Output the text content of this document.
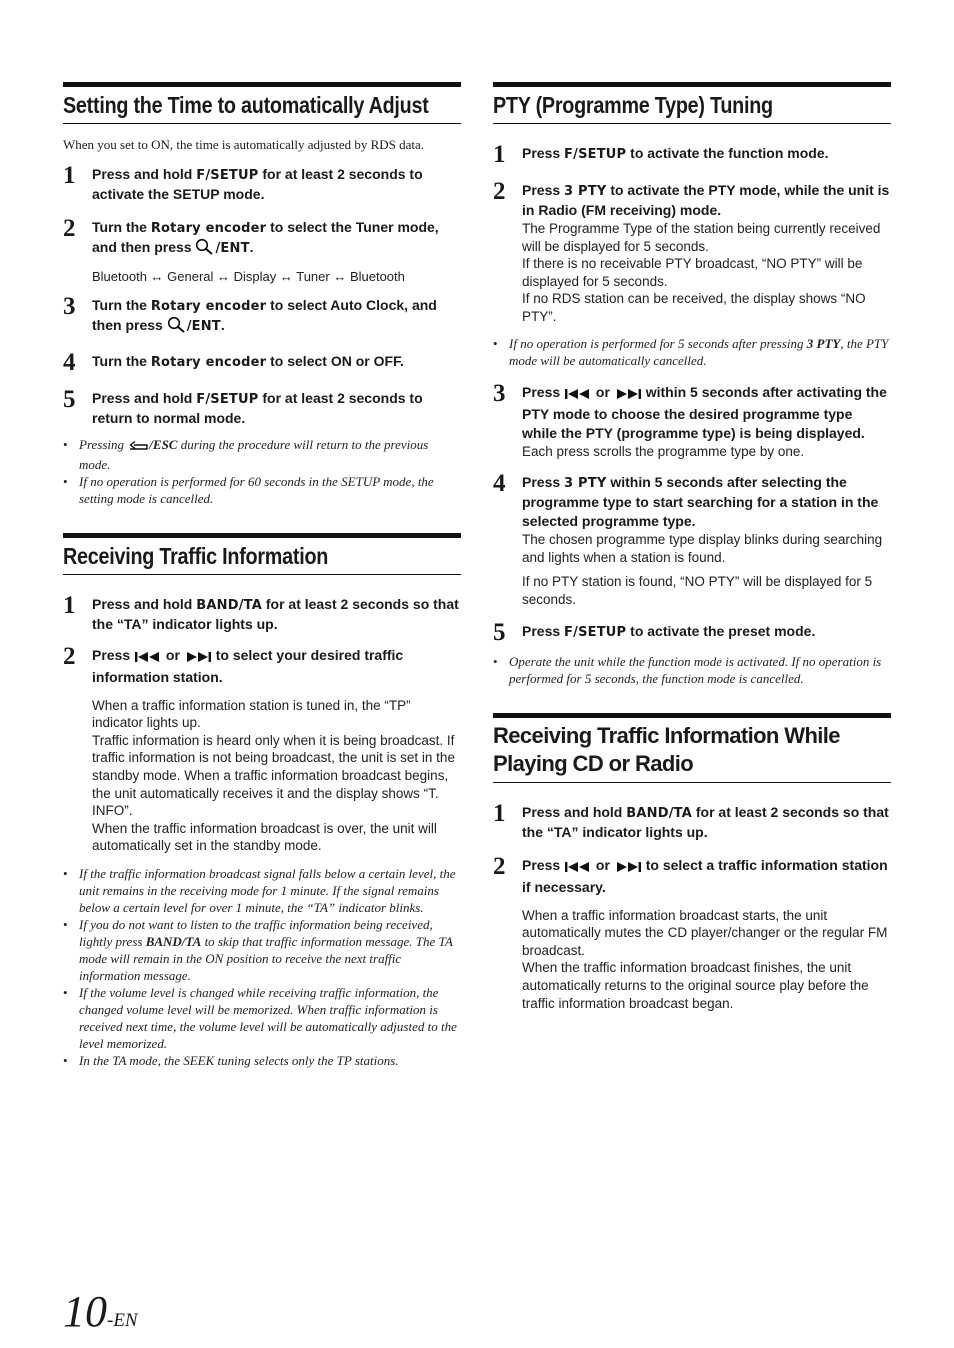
Setting the Time to automatically Adjust

When you set to ON, the time is automatically adjusted by RDS data.

1	Press and hold F/SETUP for at least 2 seconds to activate the SETUP mode.
2	Turn the Rotary encoder to select the Tuner mode, and then press /ENT.

Bluetooth ↔ General ↔ Display ↔ Tuner ↔ Bluetooth

3	Turn the Rotary encoder to select Auto Clock, and then press /ENT.
4	Turn the Rotary encoder to select ON or OFF.
5	Press and hold F/SETUP for at least 2 seconds to return to normal mode.
• Pressing /ESC during the procedure will return to the previous mode.
• If no operation is performed for 60 seconds in the SETUP mode, the setting mode is cancelled.
Receiving Traffic Information
1	Press and hold BAND/TA for at least 2 seconds so that the “TA” indicator lights up.
2	Press  or  to select your desired traffic information station.

When a traffic information station is tuned in, the “TP” indicator lights up.

Traffic information is heard only when it is being broadcast. If traffic information is not being broadcast, the unit is set in the standby mode. When a traffic information broadcast begins, the unit automatically receives it and the display shows “T. INFO”.

When the traffic information broadcast is over, the unit will automatically set in the standby mode.

• If the traffic information broadcast signal falls below a certain level, the unit remains in the receiving mode for 1 minute. If the signal remains below a certain level for over 1 minute, the “TA” indicator blinks.
• If you do not want to listen to the traffic information being received, lightly press BAND/TA to skip that traffic information message. The TA mode will remain in the ON position to receive the next traffic information message.
• If the volume level is changed while receiving traffic information, the changed volume level will be memorized. When traffic information is received next time, the volume level will be automatically adjusted to the level memorized.
• In the TA mode, the SEEK tuning selects only the TP stations.
PTY (Programme Type) Tuning
1	Press F/SETUP to activate the function mode.
2	Press 3 PTY to activate the PTY mode, while the unit is in Radio (FM receiving) mode.

The Programme Type of the station being currently received will be displayed for 5 seconds.

If there is no receivable PTY broadcast, “NO PTY” will be displayed for 5 seconds.

If no RDS station can be received, the display shows “NO PTY”.

• If no operation is performed for 5 seconds after pressing 3 PTY, the PTY mode will be automatically cancelled.
3	Press  or  within 5 seconds after activating the PTY mode to choose the desired programme type while the PTY (programme type) is being displayed.

Each press scrolls the programme type by one.

4	Press 3 PTY within 5 seconds after selecting the programme type to start searching for a station in the selected programme type.

The chosen programme type display blinks during searching and lights when a station is found.

If no PTY station is found, “NO PTY” will be displayed for 5 seconds.

5	Press F/SETUP to activate the preset mode.
• Operate the unit while the function mode is activated. If no operation is performed for 5 seconds, the function mode is cancelled.
Receiving Traffic Information While Playing CD or Radio
1	Press and hold BAND/TA for at least 2 seconds so that the “TA” indicator lights up.
2	Press  or  to select a traffic information station if necessary.

When a traffic information broadcast starts, the unit automatically mutes the CD player/changer or the regular FM broadcast.

When the traffic information broadcast finishes, the unit automatically returns to the original source play before the traffic information broadcast began.

10-EN
